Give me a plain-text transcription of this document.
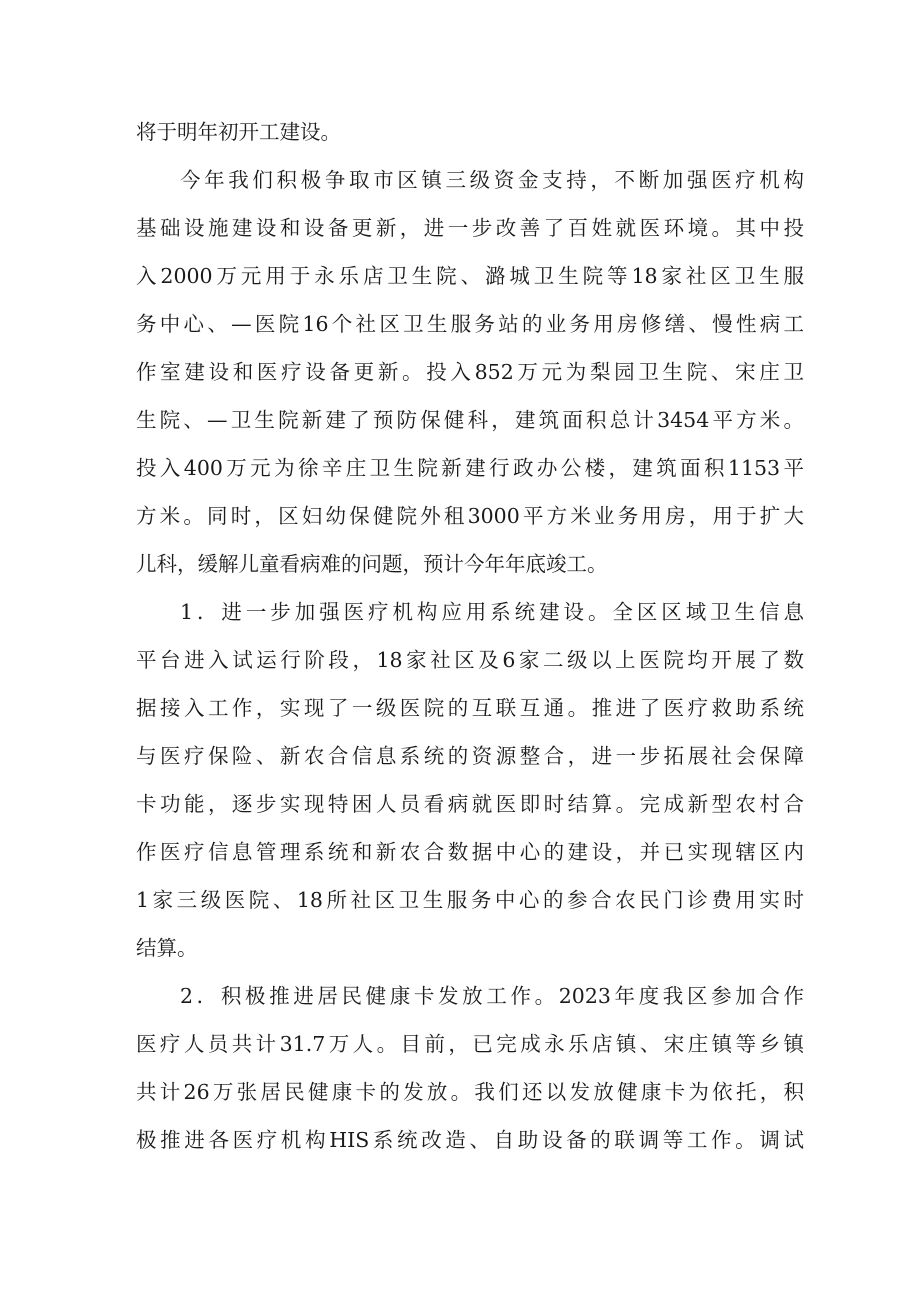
将于明年初开工建设。
今年我们积极争取市区镇三级资金支持，不断加强医疗机构
基础设施建设和设备更新，进一步改善了百姓就医环境。其中投
入2000万元用于永乐店卫生院、潞城卫生院等18家社区卫生服
务中心、—医院16个社区卫生服务站的业务用房修缮、慢性病工
作室建设和医疗设备更新。投入852万元为梨园卫生院、宋庄卫
生院、—卫生院新建了预防保健科，建筑面积总计3454平方米。
投入400万元为徐辛庄卫生院新建行政办公楼，建筑面积1153平
方米。同时，区妇幼保健院外租3000平方米业务用房，用于扩大
儿科，缓解儿童看病难的问题，预计今年年底竣工。
1．进一步加强医疗机构应用系统建设。全区区域卫生信息
平台进入试运行阶段，18家社区及6家二级以上医院均开展了数
据接入工作，实现了一级医院的互联互通。推进了医疗救助系统
与医疗保险、新农合信息系统的资源整合，进一步拓展社会保障
卡功能，逐步实现特困人员看病就医即时结算。完成新型农村合
作医疗信息管理系统和新农合数据中心的建设，并已实现辖区内
1家三级医院、18所社区卫生服务中心的参合农民门诊费用实时
结算。
2．积极推进居民健康卡发放工作。2023年度我区参加合作
医疗人员共计31.7万人。目前，已完成永乐店镇、宋庄镇等乡镇
共计26万张居民健康卡的发放。我们还以发放健康卡为依托，积
极推进各医疗机构HIS系统改造、自助设备的联调等工作。调试
